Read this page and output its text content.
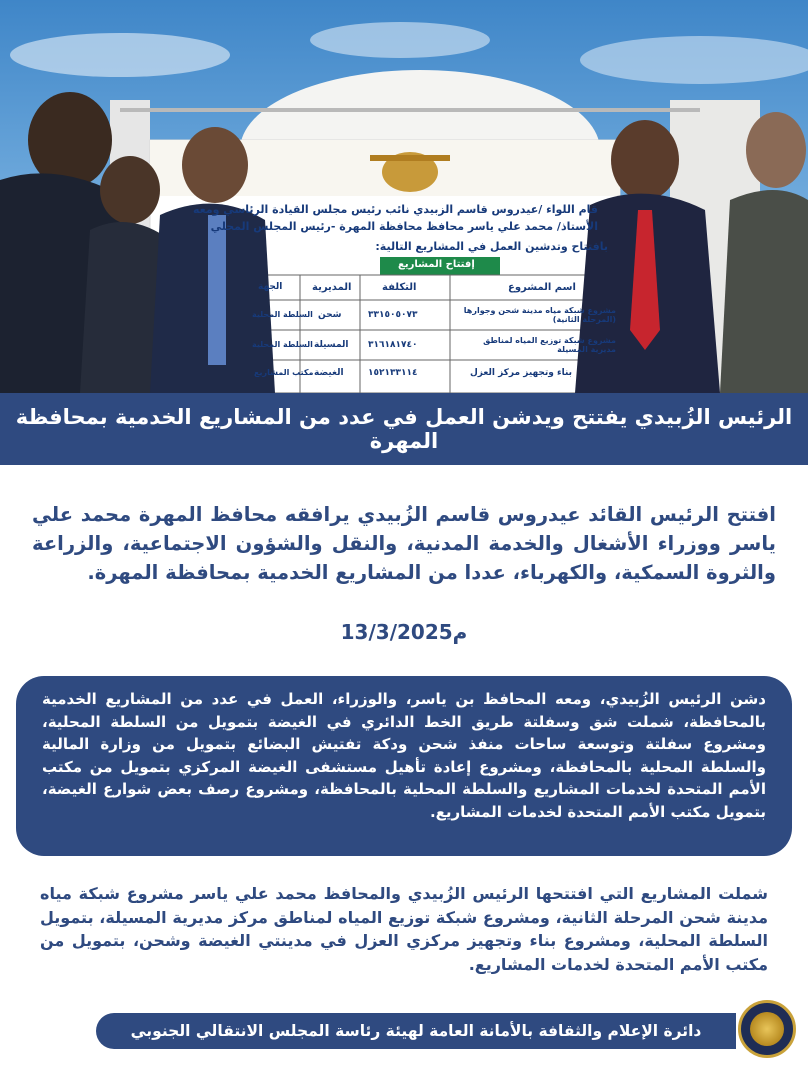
قام اللواء /عيدروس قاسم الزبيدي نائب رئيس مجلس القيادة الرئاسي ومعه
الأستاذ/ محمد علي ياسر محافظ محافظة المهرة -رئيس المجلس المحلي
بافتتاح وتدشين العمل في المشاريع التالية:
إفتتاح المشاريع
اسم المشروع
التكلفة
المديرية
الجهة
مشروع شبكة مياه مدينة شحن وجوارها (المرحلة الثانية)
٣٣١٥٠٥٠٧٣
شحن
السلطة المحلية
مشروع شبكة توزيع المياه لمناطق مديرية المسيلة
٣١٦١٨١٧٤٠
المسيلة
السلطة المحلية
بناء وتجهيز مركز العزل
١٥٢١٣٣١١٤
الغيضة
مكتب المشاريع
الرئيس الزُبيدي يفتتح ويدشن العمل في عدد من المشاريع الخدمية بمحافظة المهرة
افتتح الرئيس القائد عيدروس قاسم الزُبيدي يرافقه محافظ المهرة محمد علي ياسر ووزراء الأشغال والخدمة المدنية، والنقل والشؤون الاجتماعية، والزراعة والثروة السمكية، والكهرباء، عددا من المشاريع الخدمية بمحافظة المهرة.
13/3/2025م

دشن الرئيس الزُبيدي، ومعه المحافظ بن ياسر، والوزراء، العمل في عدد من المشاريع الخدمية بالمحافظة، شملت شق وسفلتة طريق الخط الدائري في الغيضة بتمويل من السلطة المحلية، ومشروع سفلتة وتوسعة ساحات منفذ شحن ودكة تفتيش البضائع بتمويل من وزارة المالية والسلطة المحلية بالمحافظة، ومشروع إعادة تأهيل مستشفى الغيضة المركزي بتمويل من مكتب الأمم المتحدة لخدمات المشاريع والسلطة المحلية بالمحافظة، ومشروع رصف بعض شوارع الغيضة، بتمويل مكتب الأمم المتحدة لخدمات المشاريع.

شملت المشاريع التي افتتحها الرئيس الزُبيدي والمحافظ محمد علي ياسر مشروع شبكة مياه مدينة شحن المرحلة الثانية، ومشروع شبكة توزيع المياه لمناطق مركز مديرية المسيلة، بتمويل السلطة المحلية، ومشروع بناء وتجهيز مركزي العزل في مدينتي الغيضة وشحن، بتمويل من مكتب الأمم المتحدة لخدمات المشاريع.
دائرة الإعلام والثقافة بالأمانة العامة لهيئة رئاسة المجلس الانتقالي الجنوبي
